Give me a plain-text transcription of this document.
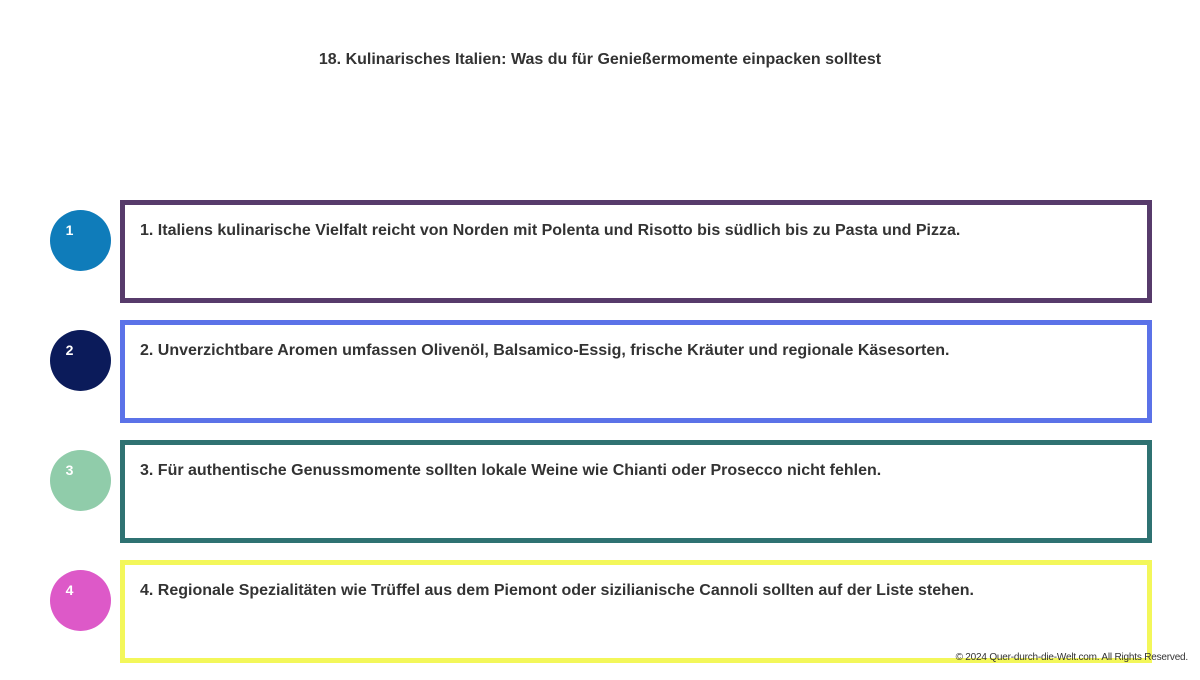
18. Kulinarisches Italien: Was du für Genießermomente einpacken solltest
1	1. Italiens kulinarische Vielfalt reicht von Norden mit Polenta und Risotto bis südlich bis zu Pasta und Pizza.
2	2. Unverzichtbare Aromen umfassen Olivenöl, Balsamico-Essig, frische Kräuter und regionale Käsesorten.
3	3. Für authentische Genussmomente sollten lokale Weine wie Chianti oder Prosecco nicht fehlen.
4	4. Regionale Spezialitäten wie Trüffel aus dem Piemont oder sizilianische Cannoli sollten auf der Liste stehen.
© 2024 Quer-durch-die-Welt.com. All Rights Reserved.
